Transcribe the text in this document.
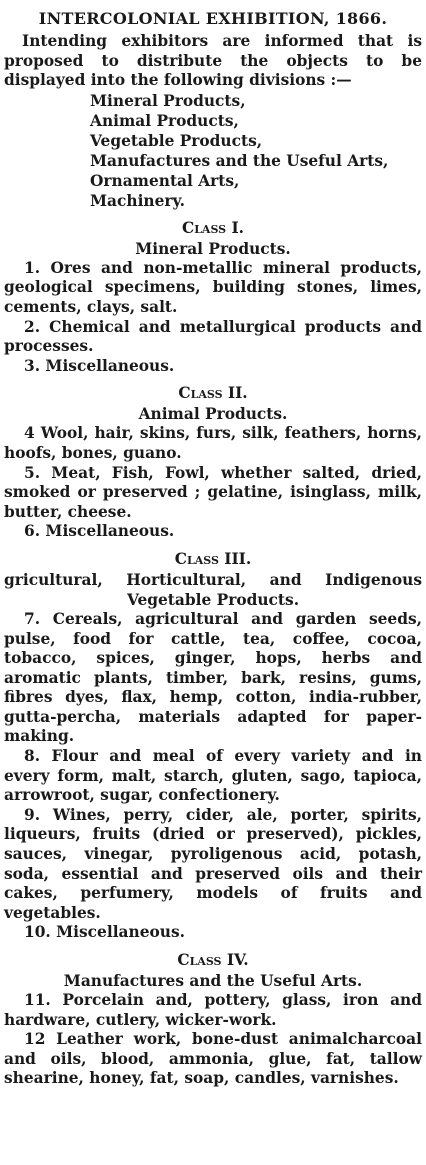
INTERCOLONIAL EXHIBITION, 1866.

Intending exhibitors are informed that is proposed to distribute the objects to be displayed into the following divisions :—

Mineral Products,
Animal Products,
Vegetable Products,
Manufactures and the Useful Arts,
Ornamental Arts,
Machinery.
Class I.
Mineral Products.

1. Ores and non-metallic mineral products, geological specimens, building stones, limes, cements, clays, salt.

2. Chemical and metallurgical products and processes.

3. Miscellaneous.

Class II.
Animal Products.

4 Wool, hair, skins, furs, silk, feathers, horns, hoofs, bones, guano.

5. Meat, Fish, Fowl, whether salted, dried, smoked or preserved ; gelatine, isinglass, milk, butter, cheese.

6. Miscellaneous.

Class III.

gricultural, Horticultural, and Indigenous Vegetable Products.

7. Cereals, agricultural and garden seeds, pulse, food for cattle, tea, coffee, cocoa, tobacco, spices, ginger, hops, herbs and aromatic plants, timber, bark, resins, gums, fibres dyes, flax, hemp, cotton, india-rubber, gutta-percha, materials adapted for paper-making.

8. Flour and meal of every variety and in every form, malt, starch, gluten, sago, tapioca, arrowroot, sugar, confectionery.

9. Wines, perry, cider, ale, porter, spirits, liqueurs, fruits (dried or preserved), pickles, sauces, vinegar, pyroligenous acid, potash, soda, essential and preserved oils and their cakes, perfumery, models of fruits and vegetables.

10. Miscellaneous.

Class IV.
Manufactures and the Useful Arts.

11. Porcelain and, pottery, glass, iron and hardware, cutlery, wicker-work.

12 Leather work, bone-dust animalcharcoal and oils, blood, ammonia, glue, fat, tallow shearine, honey, fat, soap, candles, varnishes.
